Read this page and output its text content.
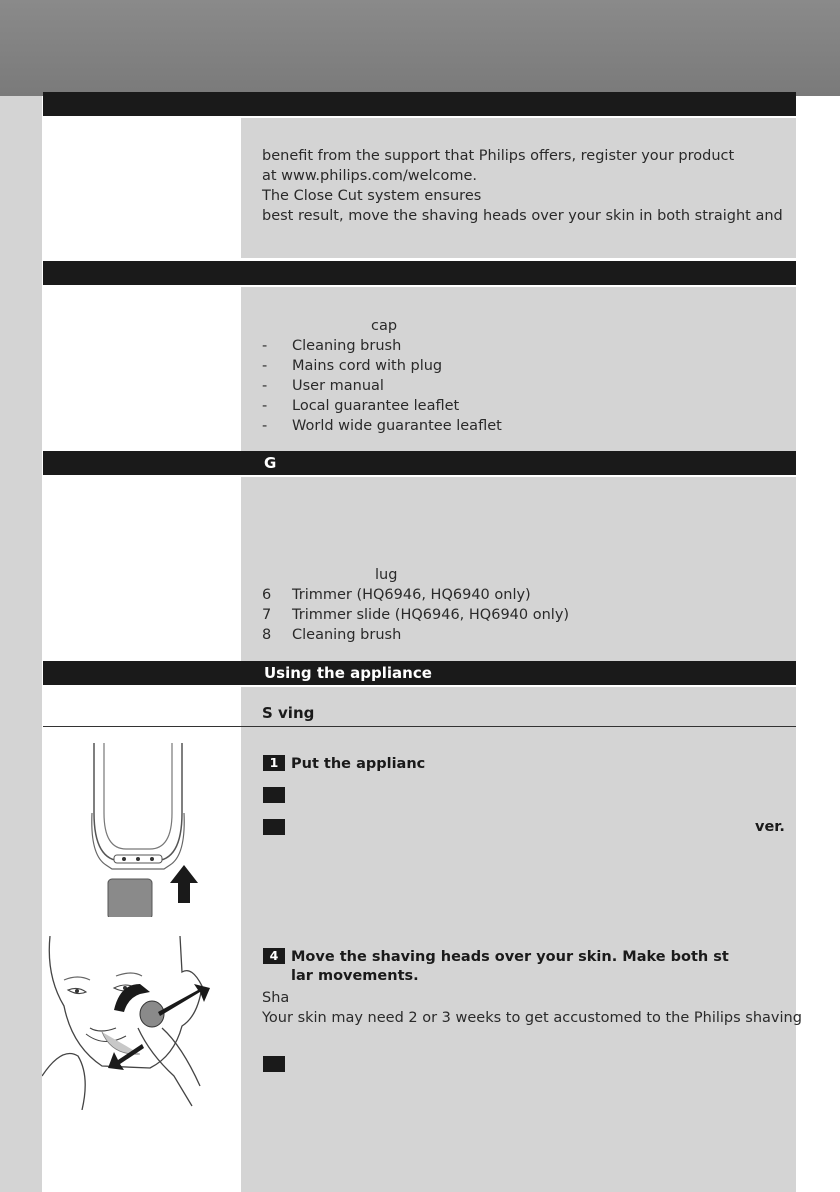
benefit from the support that Philips offers, register your product
at www.philips.com/welcome.
The Close Cut system ensures
best result, move the shaving heads over your skin in both straight and
cap
- Cleaning brush
- Mains cord with plug
- User manual
- Local guarantee leaflet
- World wide guarantee leaflet
G
lug
6 Trimmer (HQ6946, HQ6940 only)
7 Trimmer slide (HQ6946, HQ6940 only)
8 Cleaning brush
Using the appliance
S ving
1 Put the applianc
ver.
4 Move the shaving heads over your skin. Make both st
lar movements.
Sha
Your skin may need 2 or 3 weeks to get accustomed to the Philips shaving
